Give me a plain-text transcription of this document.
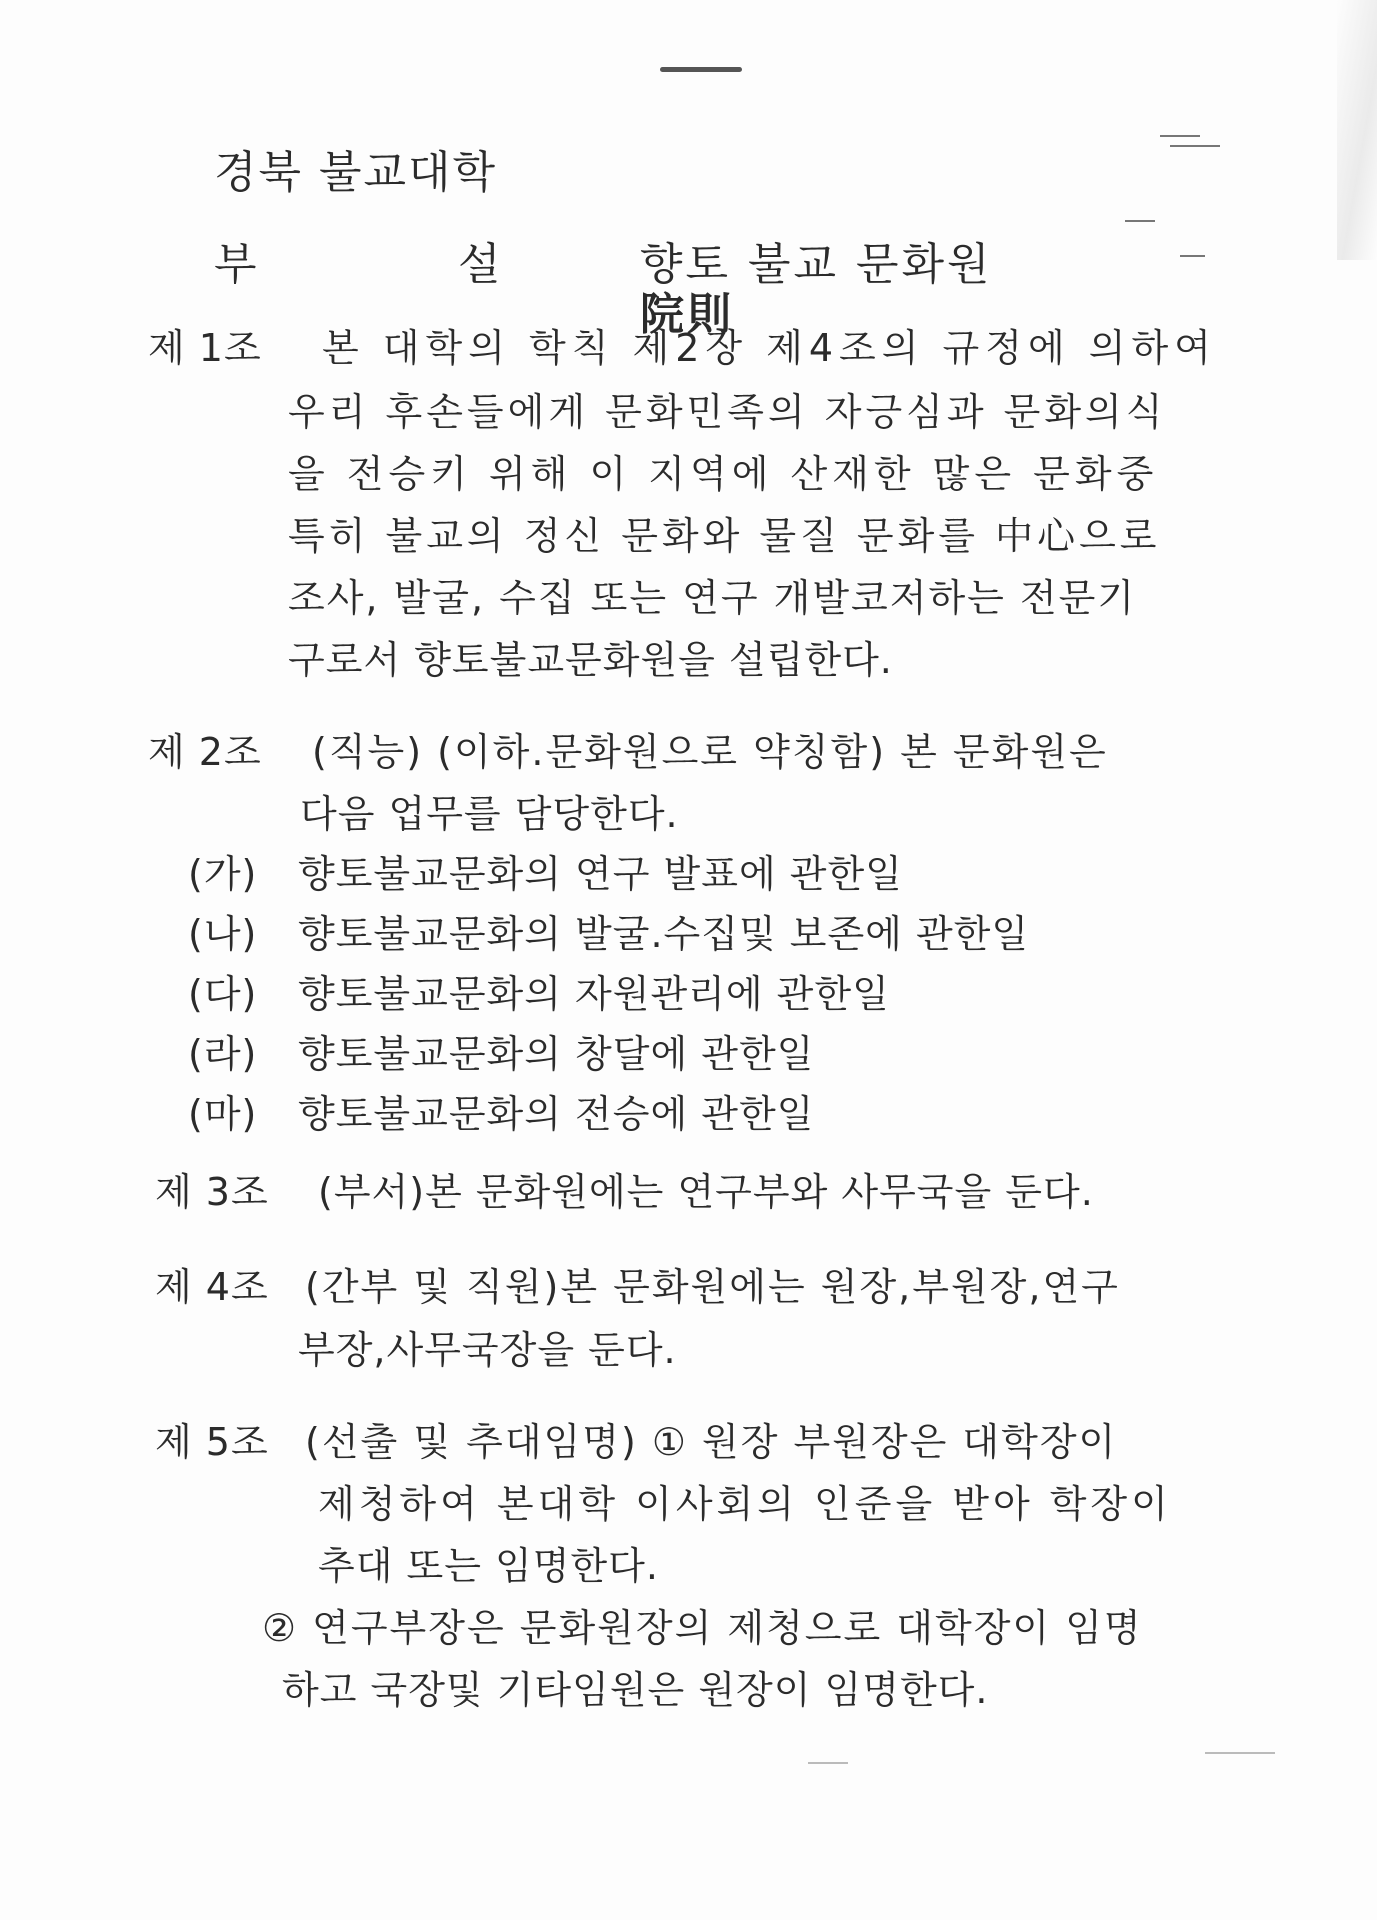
경북 불교대학
부	설	향토 불교 문화원
院則

제 1조 본 대학의 학칙 제2장 제4조의 규정에 의하여
우리 후손들에게 문화민족의 자긍심과 문화의식
을 전승키 위해 이 지역에 산재한 많은 문화중
특히 불교의 정신 문화와 물질 문화를 中心으로
조사, 발굴, 수집 또는 연구 개발코저하는 전문기
구로서 향토불교문화원을 설립한다.
제 2조 (직능) (이하.문화원으로 약칭함) 본 문화원은
다음 업무를 담당한다.
(가) 향토불교문화의 연구 발표에 관한일
(나) 향토불교문화의 발굴.수집및 보존에 관한일
(다) 향토불교문화의 자원관리에 관한일
(라) 향토불교문화의 창달에 관한일
(마) 향토불교문화의 전승에 관한일
제 3조 (부서)본 문화원에는 연구부와 사무국을 둔다.
제 4조 (간부 및 직원)본 문화원에는 원장,부원장,연구
부장,사무국장을 둔다.
제 5조 (선출 및 추대임명) ① 원장 부원장은 대학장이
제청하여 본대학 이사회의 인준을 받아 학장이
추대 또는 임명한다.
② 연구부장은 문화원장의 제청으로 대학장이 임명
하고 국장및 기타임원은 원장이 임명한다.
